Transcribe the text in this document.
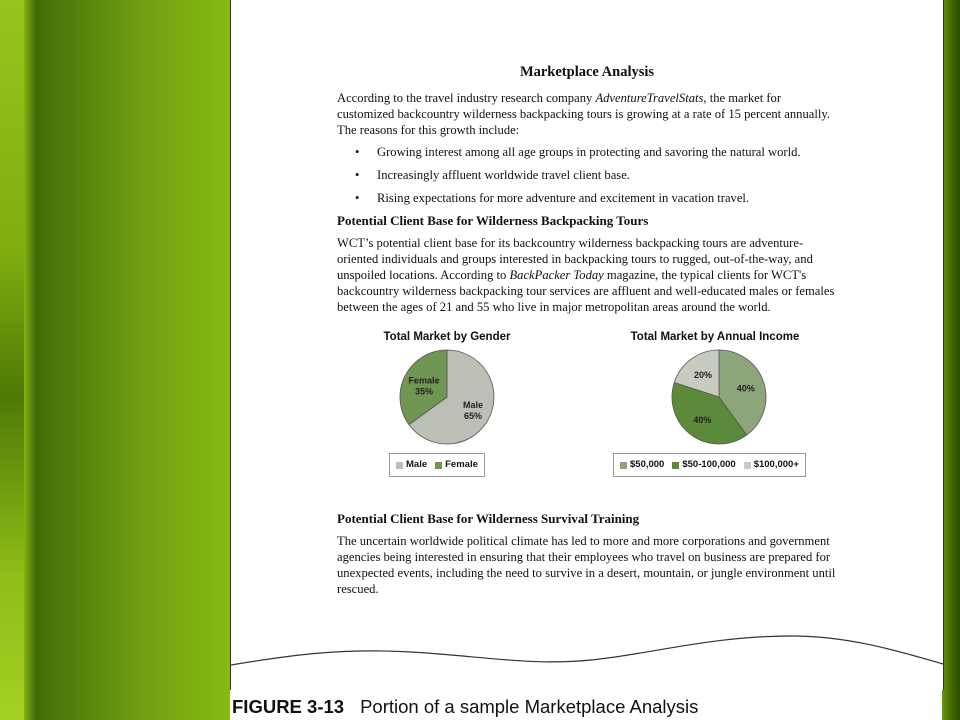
Marketplace Analysis

According to the travel industry research company AdventureTravelStats, the market for customized backcountry wilderness backpacking tours is growing at a rate of 15 percent annually. The reasons for this growth include:

• Growing interest among all age groups in protecting and savoring the natural world.
• Increasingly affluent worldwide travel client base.
• Rising expectations for more adventure and excitement in vacation travel.
Potential Client Base for Wilderness Backpacking Tours

WCT’s potential client base for its backcountry wilderness backpacking tours are adventure-oriented individuals and groups interested in backpacking tours to rugged, out-of-the-way, and unspoiled locations. According to BackPacker Today magazine, the typical clients for WCT's backcountry wilderness backpacking tour services are affluent and well-educated males or females between the ages of 21 and 55 who live in major metropolitan areas around the world.

Total Market by Gender
Male 65%
Female 35%
Male Female
Total Market by Annual Income
40%
40%
20%
$50,000 $50-100,000 $100,000+
Potential Client Base for Wilderness Survival Training

The uncertain worldwide political climate has led to more and more corporations and government agencies being interested in ensuring that their employees who travel on business are prepared for unexpected events, including the need to survive in a desert, mountain, or jungle environment until rescued.

FIGURE 3-13 Portion of a sample Marketplace Analysis
